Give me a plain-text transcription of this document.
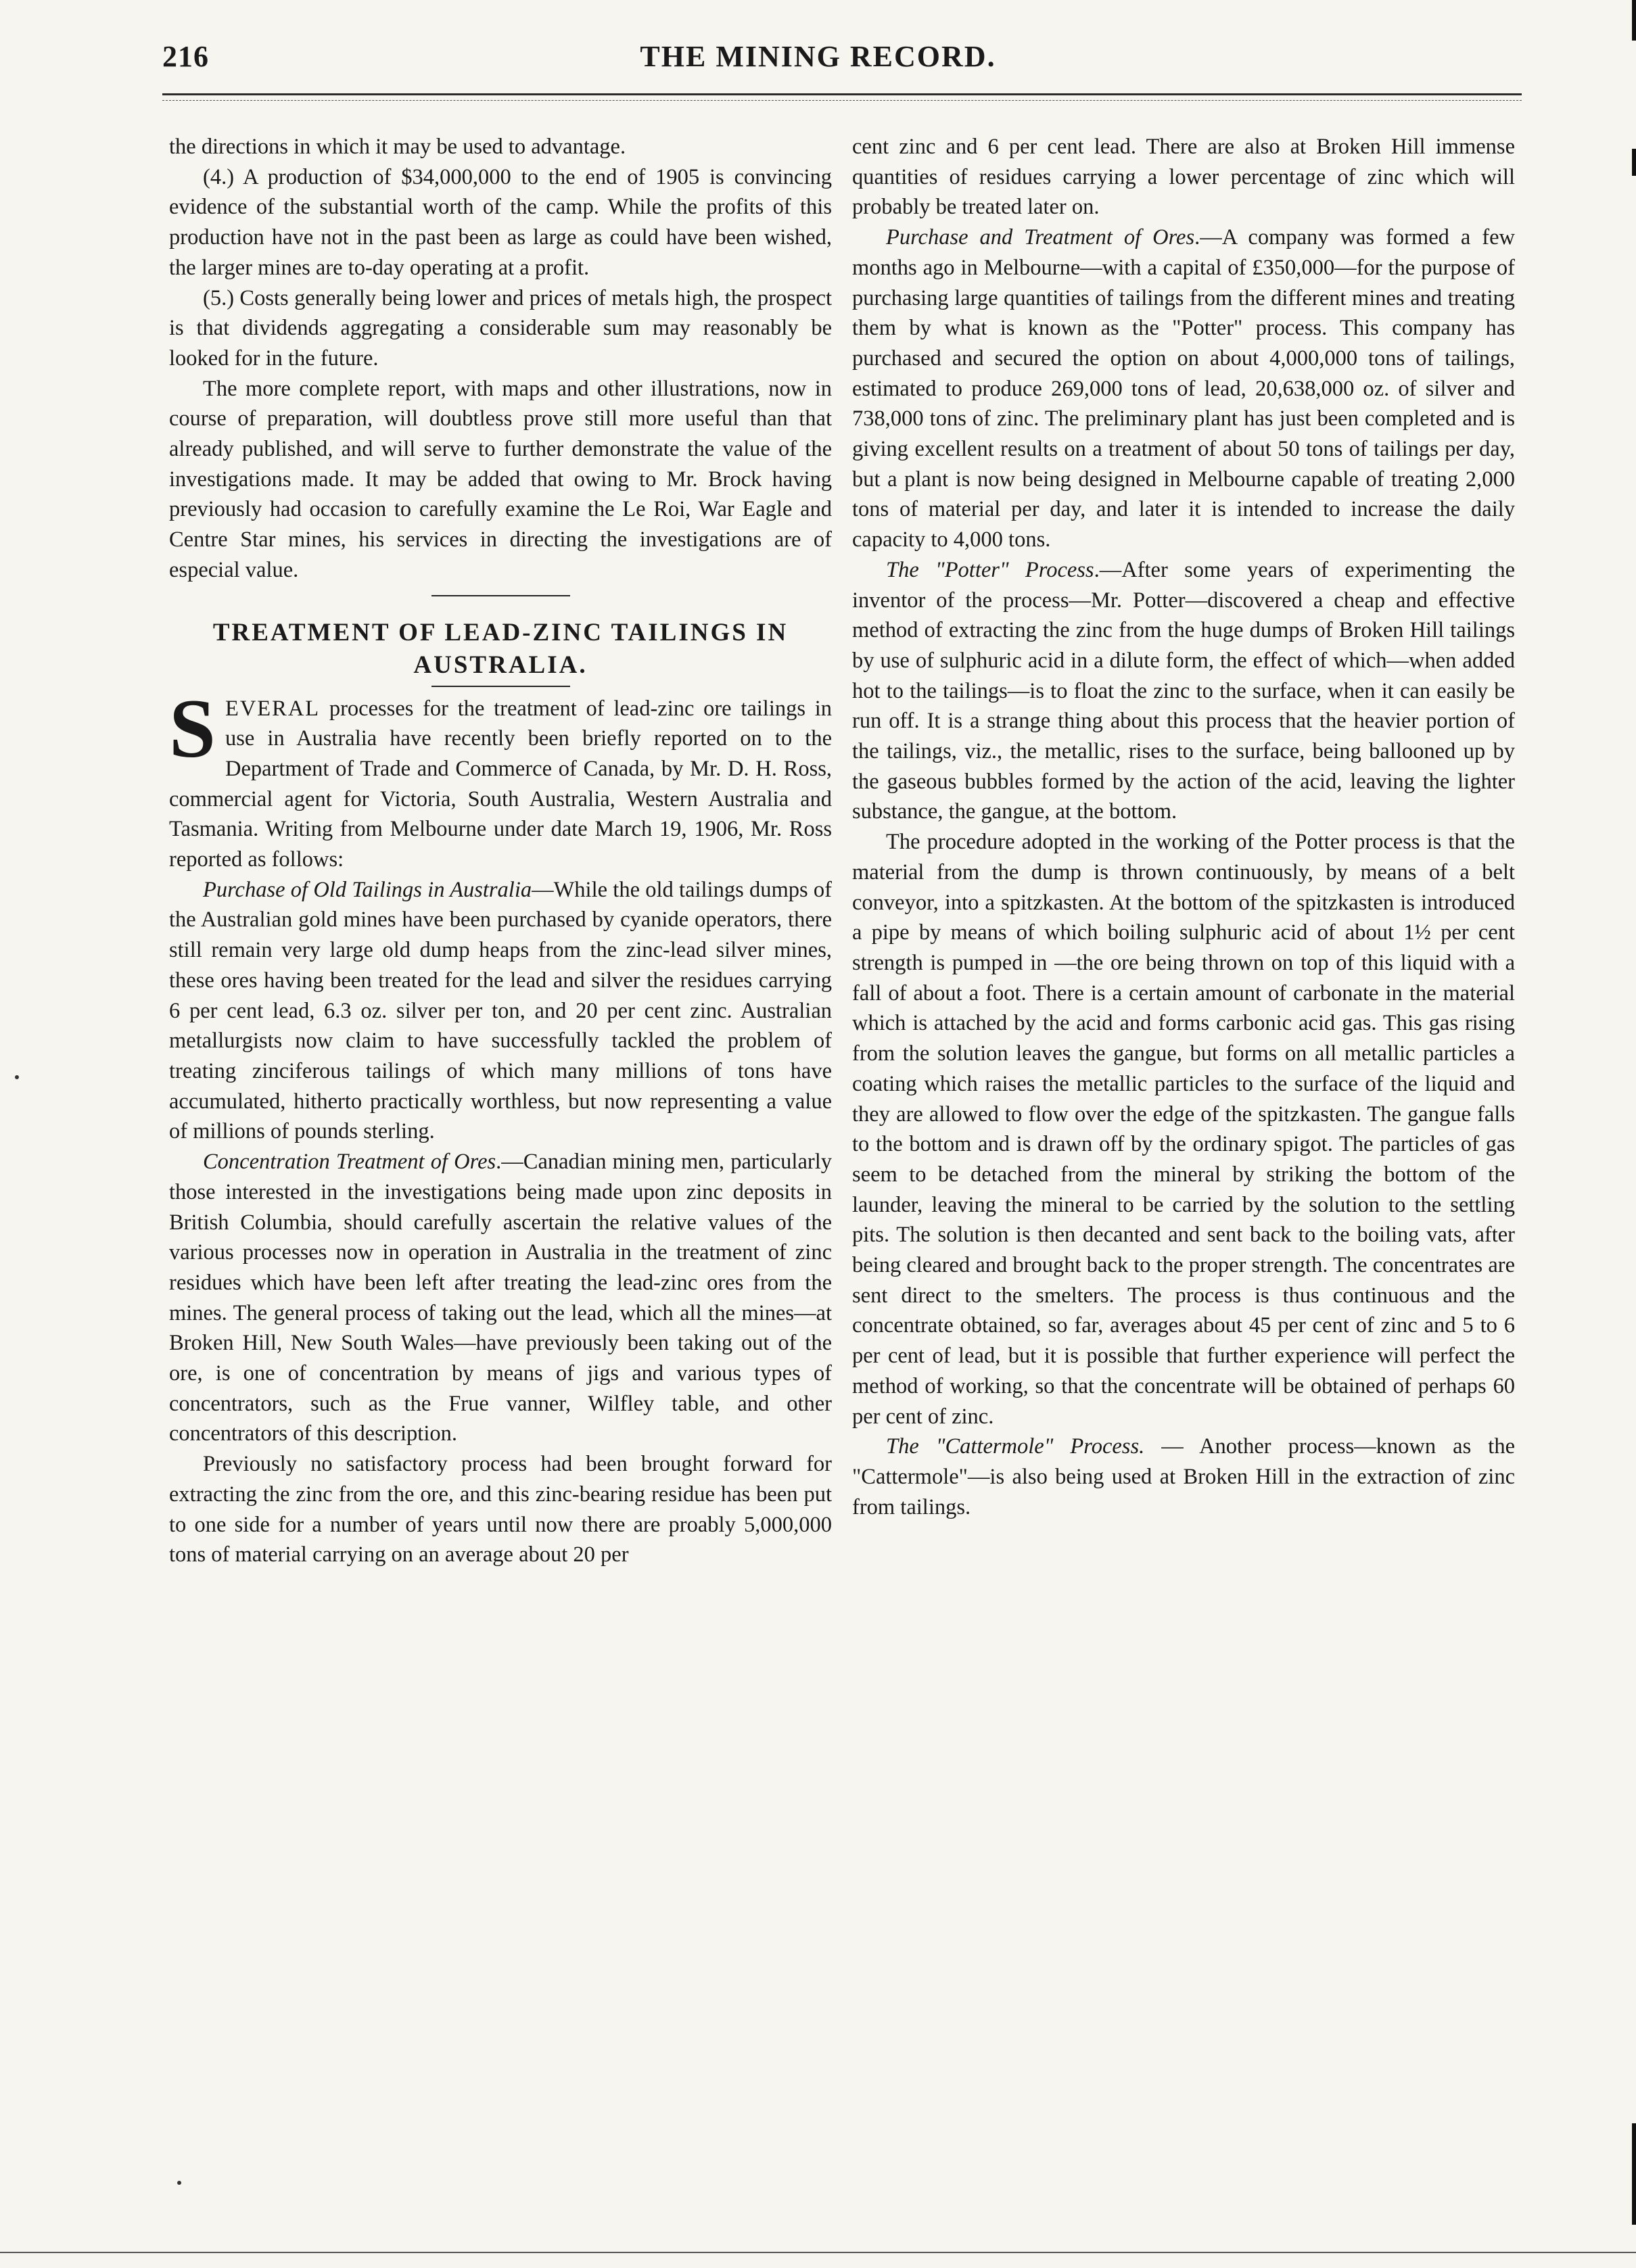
216	THE MINING RECORD.

the directions in which it may be used to advantage.

(4.) A production of $34,000,000 to the end of 1905 is convincing evidence of the substantial worth of the camp. While the profits of this production have not in the past been as large as could have been wished, the larger mines are to-day operating at a profit.

(5.) Costs generally being lower and prices of metals high, the prospect is that dividends aggregating a considerable sum may reasonably be looked for in the future.

The more complete report, with maps and other illustrations, now in course of preparation, will doubtless prove still more useful than that already published, and will serve to further demonstrate the value of the investigations made. It may be added that owing to Mr. Brock having previously had occasion to carefully examine the Le Roi, War Eagle and Centre Star mines, his services in directing the investigations are of especial value.

TREATMENT OF LEAD-ZINC TAILINGS IN AUSTRALIA.

SEVERAL processes for the treatment of lead-zinc ore tailings in use in Australia have recently been briefly reported on to the Department of Trade and Commerce of Canada, by Mr. D. H. Ross, commercial agent for Victoria, South Australia, Western Australia and Tasmania. Writing from Melbourne under date March 19, 1906, Mr. Ross reported as follows:

Purchase of Old Tailings in Australia—While the old tailings dumps of the Australian gold mines have been purchased by cyanide operators, there still remain very large old dump heaps from the zinc-lead silver mines, these ores having been treated for the lead and silver the residues carrying 6 per cent lead, 6.3 oz. silver per ton, and 20 per cent zinc. Australian metallurgists now claim to have successfully tackled the problem of treating zinciferous tailings of which many millions of tons have accumulated, hitherto practically worthless, but now representing a value of millions of pounds sterling.

Concentration Treatment of Ores.—Canadian mining men, particularly those interested in the investigations being made upon zinc deposits in British Columbia, should carefully ascertain the relative values of the various processes now in operation in Australia in the treatment of zinc residues which have been left after treating the lead-zinc ores from the mines. The general process of taking out the lead, which all the mines—at Broken Hill, New South Wales—have previously been taking out of the ore, is one of concentration by means of jigs and various types of concentrators, such as the Frue vanner, Wilfley table, and other concentrators of this description.

Previously no satisfactory process had been brought forward for extracting the zinc from the ore, and this zinc-bearing residue has been put to one side for a number of years until now there are proably 5,000,000 tons of material carrying on an average about 20 per

cent zinc and 6 per cent lead. There are also at Broken Hill immense quantities of residues carrying a lower percentage of zinc which will probably be treated later on.

Purchase and Treatment of Ores.—A company was formed a few months ago in Melbourne—with a capital of £350,000—for the purpose of purchasing large quantities of tailings from the different mines and treating them by what is known as the "Potter" process. This company has purchased and secured the option on about 4,000,000 tons of tailings, estimated to produce 269,000 tons of lead, 20,638,000 oz. of silver and 738,000 tons of zinc. The preliminary plant has just been completed and is giving excellent results on a treatment of about 50 tons of tailings per day, but a plant is now being designed in Melbourne capable of treating 2,000 tons of material per day, and later it is intended to increase the daily capacity to 4,000 tons.

The "Potter" Process.—After some years of experimenting the inventor of the process—Mr. Potter—discovered a cheap and effective method of extracting the zinc from the huge dumps of Broken Hill tailings by use of sulphuric acid in a dilute form, the effect of which—when added hot to the tailings—is to float the zinc to the surface, when it can easily be run off. It is a strange thing about this process that the heavier portion of the tailings, viz., the metallic, rises to the surface, being ballooned up by the gaseous bubbles formed by the action of the acid, leaving the lighter substance, the gangue, at the bottom.

The procedure adopted in the working of the Potter process is that the material from the dump is thrown continuously, by means of a belt conveyor, into a spitzkasten. At the bottom of the spitzkasten is introduced a pipe by means of which boiling sulphuric acid of about 1½ per cent strength is pumped in —the ore being thrown on top of this liquid with a fall of about a foot. There is a certain amount of carbonate in the material which is attached by the acid and forms carbonic acid gas. This gas rising from the solution leaves the gangue, but forms on all metallic particles a coating which raises the metallic particles to the surface of the liquid and they are allowed to flow over the edge of the spitzkasten. The gangue falls to the bottom and is drawn off by the ordinary spigot. The particles of gas seem to be detached from the mineral by striking the bottom of the launder, leaving the mineral to be carried by the solution to the settling pits. The solution is then decanted and sent back to the boiling vats, after being cleared and brought back to the proper strength. The concentrates are sent direct to the smelters. The process is thus continuous and the concentrate obtained, so far, averages about 45 per cent of zinc and 5 to 6 per cent of lead, but it is possible that further experience will perfect the method of working, so that the concentrate will be obtained of perhaps 60 per cent of zinc.

The "Cattermole" Process. — Another process—known as the "Cattermole"—is also being used at Broken Hill in the extraction of zinc from tailings.
